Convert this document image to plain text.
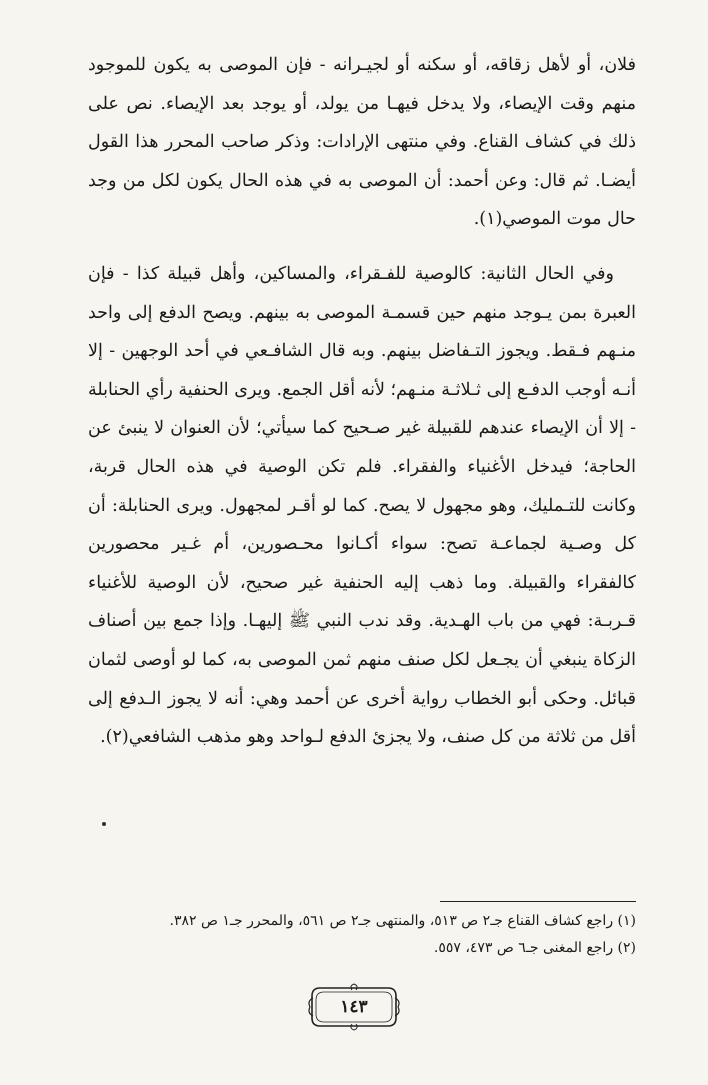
فلان، أو لأهل زقاقه، أو سكنه أو لجيـرانه - فإن الموصى به يكون للموجود منهم وقت الإيصاء، ولا يدخل فيهـا من يولد، أو يوجد بعد الإيصاء. نص على ذلك في كشاف القناع. وفي منتهى الإرادات: وذكر صاحب المحرر هذا القول أيضـا. ثم قال: وعن أحمد: أن الموصى به في هذه الحال يكون لكل من وجد حال موت الموصي(١).

وفي الحال الثانية: كالوصية للفـقراء، والمساكين، وأهل قبيلة كذا - فإن العبرة بمن يـوجد منهم حين قسمـة الموصى به بينهم. ويصح الدفع إلى واحد منـهم فـقط. ويجوز التـفاضل بينهم. وبه قال الشافـعي في أحد الوجهين - إلا أنـه أوجب الدفـع إلى ثـلاثـة منـهم؛ لأنه أقل الجمع. ويرى الحنفية رأي الحنابلة - إلا أن الإيصاء عندهم للقبيلة غير صـحيح كما سيأتي؛ لأن العنوان لا ينبئ عن الحاجة؛ فيدخل الأغنياء والفقراء. فلم تكن الوصية في هذه الحال قربة، وكانت للتـمليك، وهو مجهول لا يصح. كما لو أقـر لمجهول. ويرى الحنابلة: أن كل وصـية لجماعـة تصح: سواء أكـانوا محـصورين، أم غـير محصورين كالفقراء والقبيلة. وما ذهب إليه الحنفية غير صحيح، لأن الوصية للأغنياء قـربـة: فهي من باب الهـدية. وقد ندب النبي ﷺ إليهـا. وإذا جمع بين أصناف الزكاة ينبغي أن يجـعل لكل صنف منهم ثمن الموصى به، كما لو أوصى لثمان قبائل. وحكى أبو الخطاب رواية أخرى عن أحمد وهي: أنه لا يجوز الـدفع إلى أقل من ثلاثة من كل صنف، ولا يجزئ الدفع لـواحد وهو مذهب الشافعي(٢).

(١) راجع كشاف القناع جـ٢ ص ٥١٣، والمنتهى جـ٢ ص ٥٦١، والمحرر جـ١ ص ٣٨٢.
(٢) راجع المغنى جـ٦ ص ٤٧٣، ٥٥٧.
١٤٣
